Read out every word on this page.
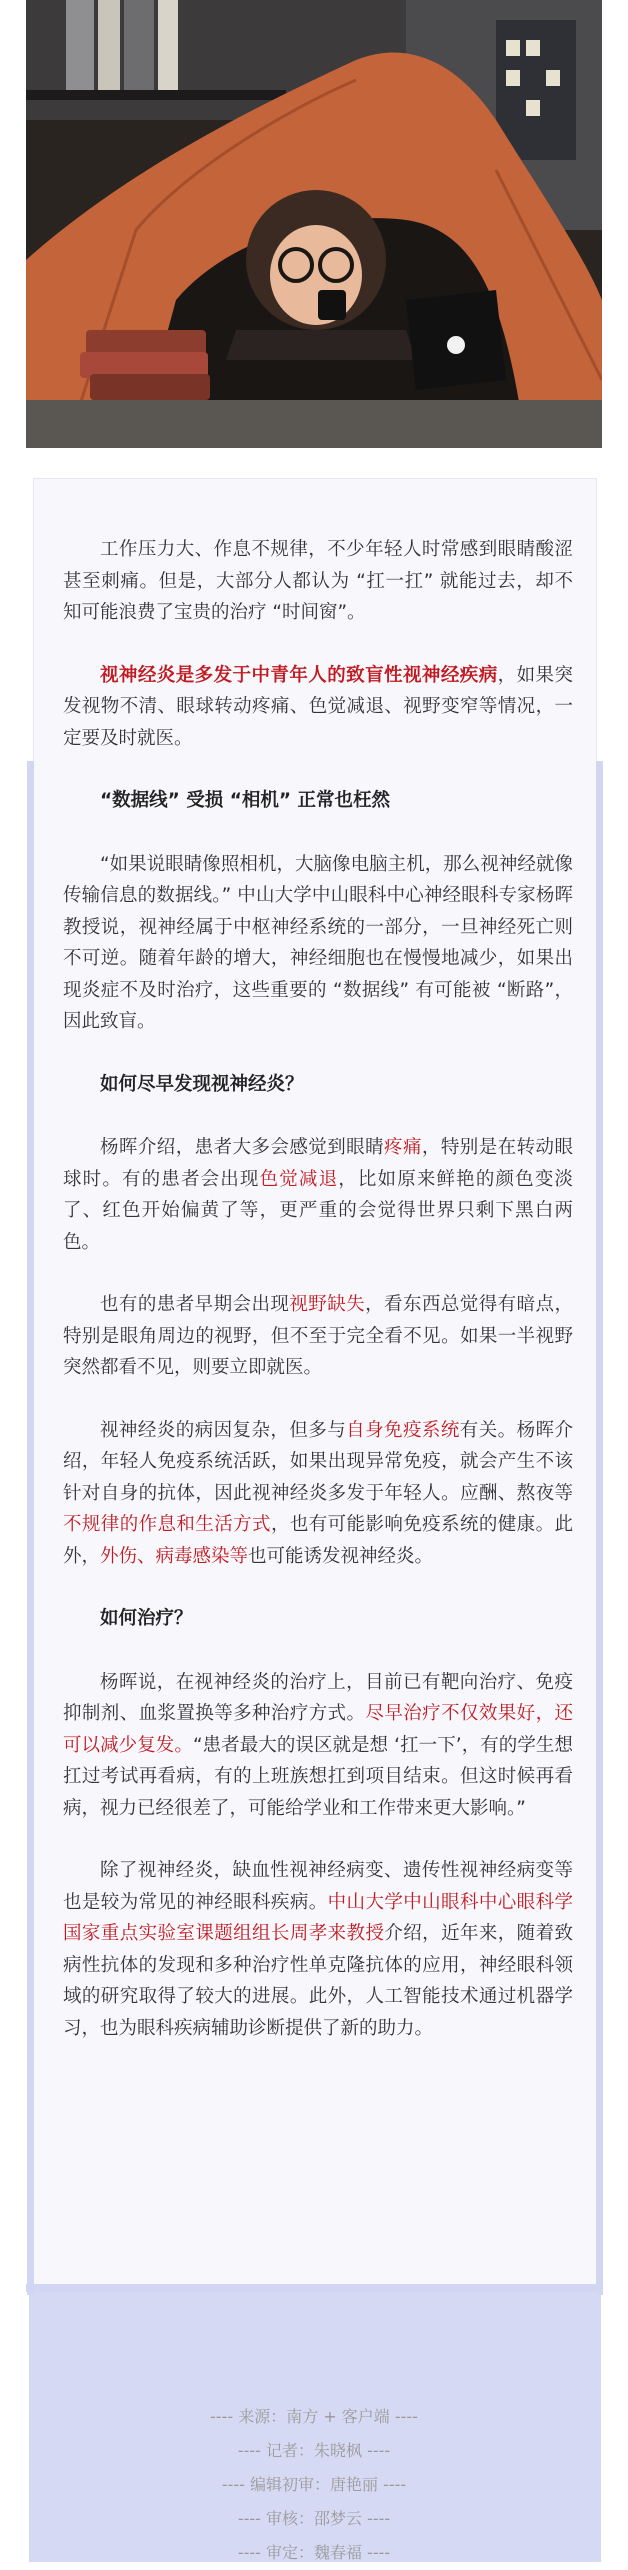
工作压力大、作息不规律，不少年轻人时常感到眼睛酸涩甚至刺痛。但是，大部分人都认为 “扛一扛” 就能过去，却不知可能浪费了宝贵的治疗 “时间窗”。

视神经炎是多发于中青年人的致盲性视神经疾病，如果突发视物不清、眼球转动疼痛、色觉减退、视野变窄等情况，一定要及时就医。

“数据线” 受损 “相机” 正常也枉然

“如果说眼睛像照相机，大脑像电脑主机，那么视神经就像传输信息的数据线。” 中山大学中山眼科中心神经眼科专家杨晖教授说，视神经属于中枢神经系统的一部分，一旦神经死亡则不可逆。随着年龄的增大，神经细胞也在慢慢地减少，如果出现炎症不及时治疗，这些重要的 “数据线” 有可能被 “断路”，因此致盲。

如何尽早发现视神经炎？

杨晖介绍，患者大多会感觉到眼睛疼痛，特别是在转动眼球时。有的患者会出现色觉减退，比如原来鲜艳的颜色变淡了、红色开始偏黄了等，更严重的会觉得世界只剩下黑白两色。

也有的患者早期会出现视野缺失，看东西总觉得有暗点，特别是眼角周边的视野，但不至于完全看不见。如果一半视野突然都看不见，则要立即就医。

视神经炎的病因复杂，但多与自身免疫系统有关。杨晖介绍，年轻人免疫系统活跃，如果出现异常免疫，就会产生不该针对自身的抗体，因此视神经炎多发于年轻人。应酬、熬夜等不规律的作息和生活方式，也有可能影响免疫系统的健康。此外，外伤、病毒感染等也可能诱发视神经炎。

如何治疗？

杨晖说，在视神经炎的治疗上，目前已有靶向治疗、免疫抑制剂、血浆置换等多种治疗方式。尽早治疗不仅效果好，还可以减少复发。“患者最大的误区就是想 ‘扛一下’，有的学生想扛过考试再看病，有的上班族想扛到项目结束。但这时候再看病，视力已经很差了，可能给学业和工作带来更大影响。”

除了视神经炎，缺血性视神经病变、遗传性视神经病变等也是较为常见的神经眼科疾病。中山大学中山眼科中心眼科学国家重点实验室课题组组长周孝来教授介绍，近年来，随着致病性抗体的发现和多种治疗性单克隆抗体的应用，神经眼科领域的研究取得了较大的进展。此外，人工智能技术通过机器学习，也为眼科疾病辅助诊断提供了新的助力。

---- 来源：南方 + 客户端 ----
---- 记者：朱晓枫 ----
---- 编辑初审：唐艳丽 ----
---- 审核：邵梦云 ----
---- 审定：魏春福 ----
